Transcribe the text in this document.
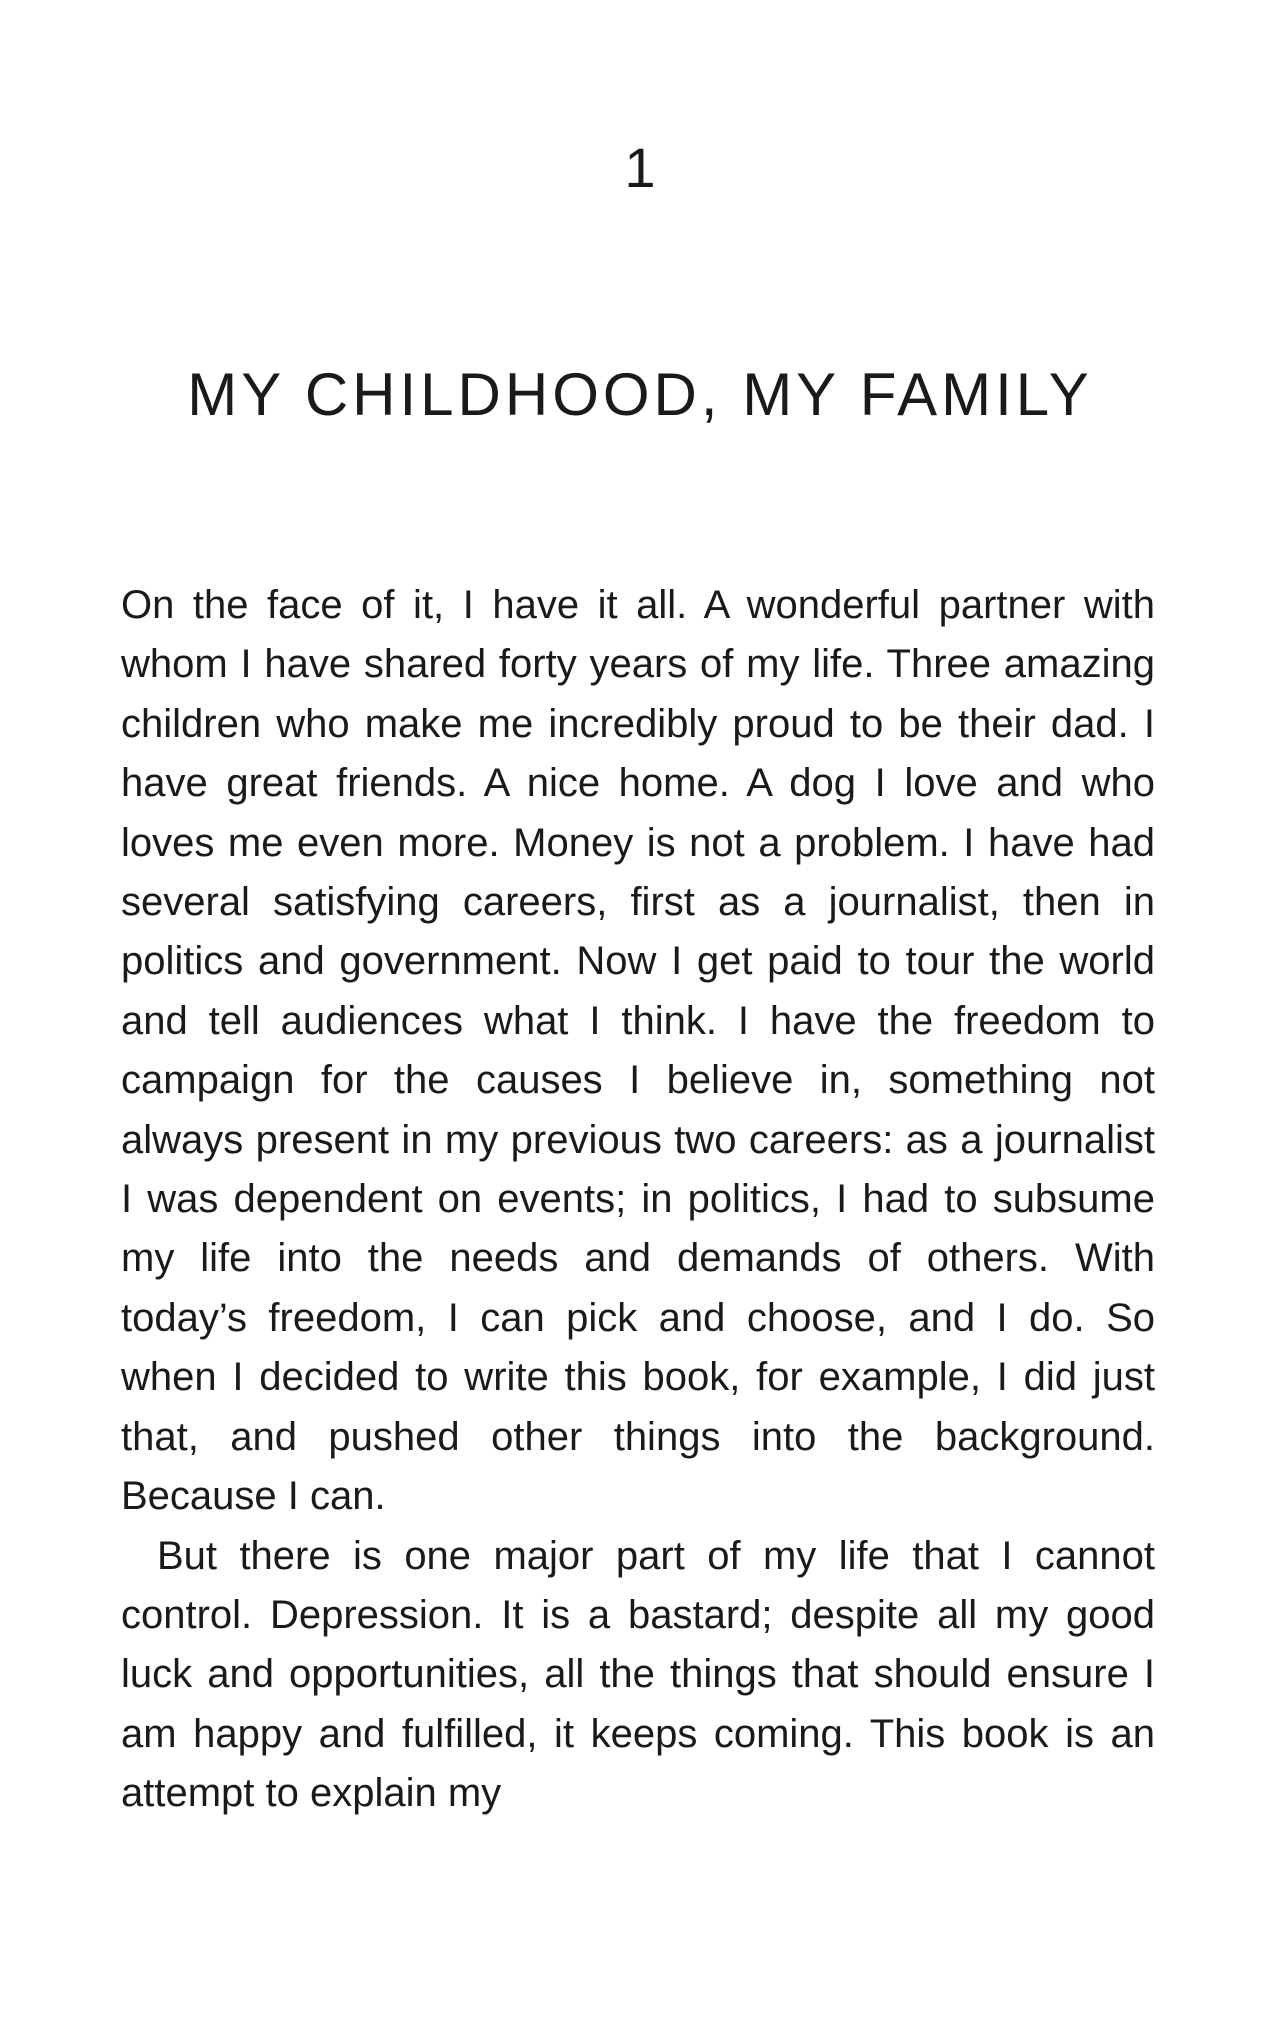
1
MY CHILDHOOD, MY FAMILY

On the face of it, I have it all. A wonderful partner with whom I have shared forty years of my life. Three amazing children who make me incredibly proud to be their dad. I have great friends. A nice home. A dog I love and who loves me even more. Money is not a problem. I have had several satisfying careers, first as a journalist, then in politics and government. Now I get paid to tour the world and tell audiences what I think. I have the freedom to campaign for the causes I believe in, something not always present in my previous two careers: as a journalist I was dependent on events; in politics, I had to subsume my life into the needs and demands of others. With today’s freedom, I can pick and choose, and I do. So when I decided to write this book, for example, I did just that, and pushed other things into the background. Because I can.

But there is one major part of my life that I cannot control. Depression. It is a bastard; despite all my good luck and opportunities, all the things that should ensure I am happy and fulfilled, it keeps coming. This book is an attempt to explain my
